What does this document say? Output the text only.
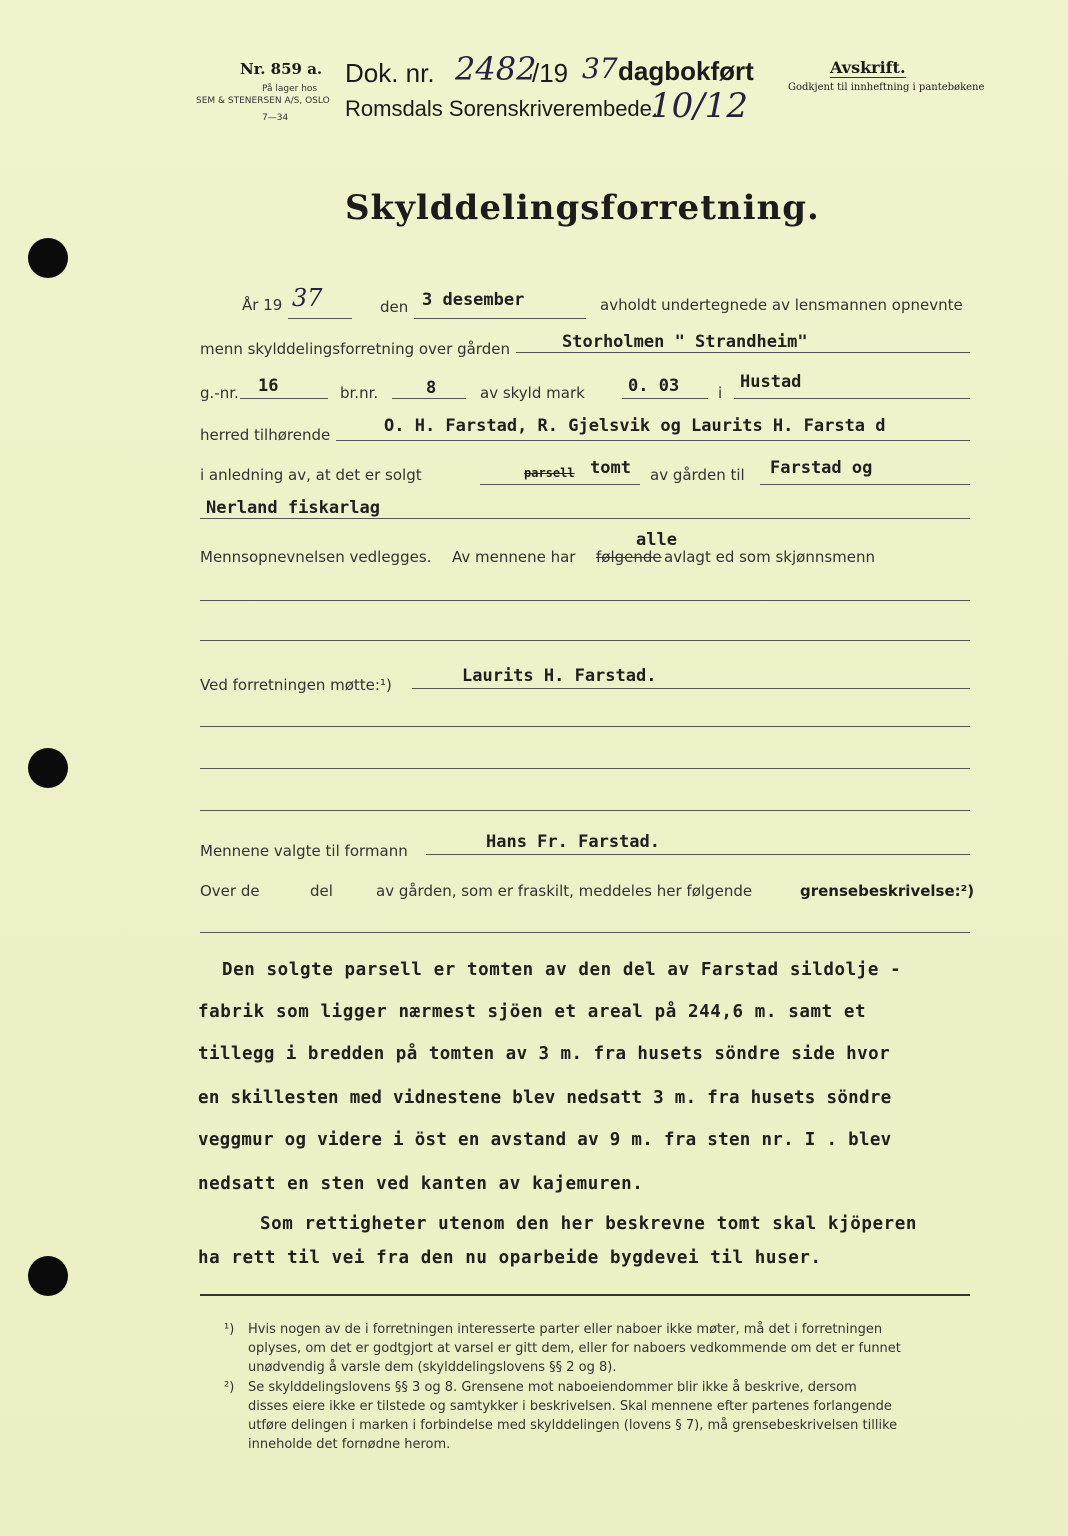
Nr. 859 a.
På lager hos
SEM & STENERSEN A/S, OSLO
7—34
Dok. nr. 2482
/19 37 dagbokført
Romsdals Sorenskriverembede.
10/12
Avskrift.
Godkjent til innheftning i pantebøkene
Skylddelingsforretning.
År 19 37	den 3 desember	avholdt undertegnede av lensmannen opnevnte
menn skylddelingsforretning over gården	Storholmen " Strandheim"
g.-nr. 16	br.nr.	8	av skyld mark	0. 03	i
Hustad
herred tilhørende	O. H. Farstad, R. Gjelsvik og Laurits H. Farsta d
i anledning av, at det er solgt	parsell tomt av gården til Farstad og
Nerland fiskarlag
Mennsopnevnelsen vedlegges. Av mennene har følgende
alle
avlagt ed som skjønnsmenn
Ved forretningen møtte:¹)	Laurits H. Farstad.
Mennene valgte til formann	Hans Fr. Farstad.
Over de	del	av gården, som er fraskilt, meddeles her følgende	grensebeskrivelse:²)
Den solgte parsell er tomten av den del av Farstad sildolje -
fabrik som ligger nærmest sjöen et areal på 244,6 m. samt et
tillegg i bredden på tomten av 3 m. fra husets söndre side hvor
en skillesten med vidnestene blev nedsatt 3 m. fra husets söndre
veggmur og videre i öst en avstand av 9 m. fra sten nr. I . blev
nedsatt en sten ved kanten av kajemuren.
Som rettigheter utenom den her beskrevne tomt skal kjöperen
ha rett til vei fra den nu oparbeide bygdevei til huser.
¹) Hvis nogen av de i forretningen interesserte parter eller naboer ikke møter, må det i forretningen
oplyses, om det er godtgjort at varsel er gitt dem, eller for naboers vedkommende om det er funnet
unødvendig å varsle dem (skylddelingslovens §§ 2 og 8).
²) Se skylddelingslovens §§ 3 og 8. Grensene mot naboeiendommer blir ikke å beskrive, dersom
disses eiere ikke er tilstede og samtykker i beskrivelsen. Skal mennene efter partenes forlangende
utføre delingen i marken i forbindelse med skylddelingen (lovens § 7), må grensebeskrivelsen tillike
inneholde det fornødne herom.
